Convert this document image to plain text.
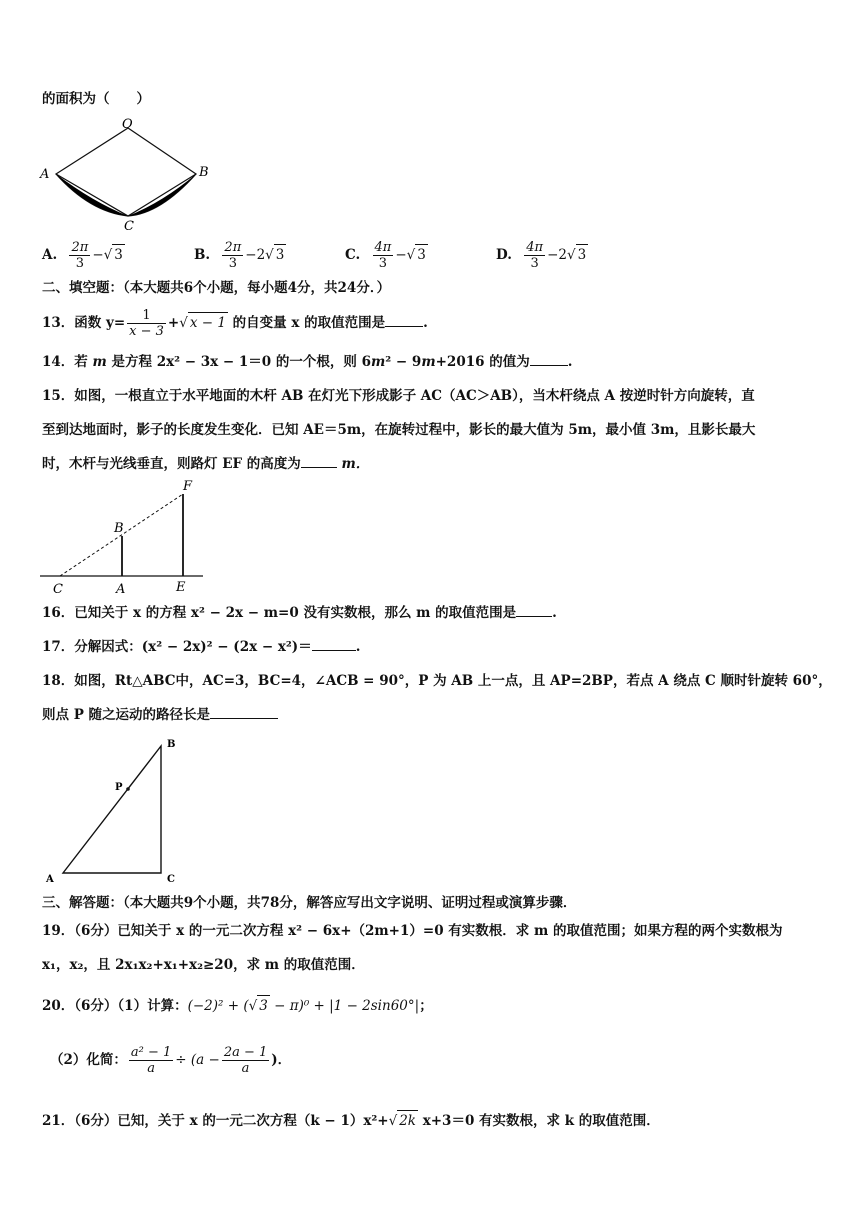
的面积为（　　）
O
A	B
C
A. $\frac{2\pi}{3}$ −√ 3	B. $\frac{2\pi}{3} -2√$ 3	C. $\frac{4\pi}{3}$ −√ 3	D. $\frac{4\pi}{3} -2√$ 3
二、填空题：（本大题共6个小题，每小题4分，共24分．）
13．函数 $y= \frac{1}{x - 3}$ +√ x − 1 的自变量 x 的取值范围是	.
14．若 m 是方程 2x² − 3x − 1＝0 的一个根，则 6m² − 9m+2016 的值为	.
15．如图，一根直立于水平地面的木杆 AB 在灯光下形成影子 AC（AC＞AB），当木杆绕点 A 按逆时针方向旋转，直
至到达地面时，影子的长度发生变化．已知 AE＝5m，在旋转过程中，影长的最大值为 5m，最小值 3m，且影长最大
时，木杆与光线垂直，则路灯 EF 的高度为	m．
F
B
C	A	E
16．已知关于 x 的方程 x² − 2x − m=0 没有实数根，那么 m 的取值范围是	.
17．分解因式：(x² − 2x)² − (2x − x²)＝	.
18．如图，Rt△ABC中，AC=3，BC=4，∠ACB = 90°，P 为 AB 上一点，且 AP=2BP，若点 A 绕点 C 顺时针旋转 60°，
则点 P 随之运动的路径长是
B
P
A	C
三、解答题：（本大题共9个小题，共78分，解答应写出文字说明、证明过程或演算步骤．
19．（6分）已知关于 x 的一元二次方程 x² − 6x+（2m+1）=0 有实数根．求 m 的取值范围；如果方程的两个实数根为
x₁，x₂，且 2x₁x₂+x₁+x₂≥20，求 m 的取值范围．
20．（6分）（1）计算：(−2)² + (√ 3 − π)⁰ + |1 − 2sin60°|；
（2）化简： $\frac{\text{a² − 1}}{a} \div (a - \frac{2a - 1}{a}$ )．
21．（6分）已知，关于 x 的一元二次方程（k − 1）x²+√ 2k x+3＝0 有实数根，求 k 的取值范围．
